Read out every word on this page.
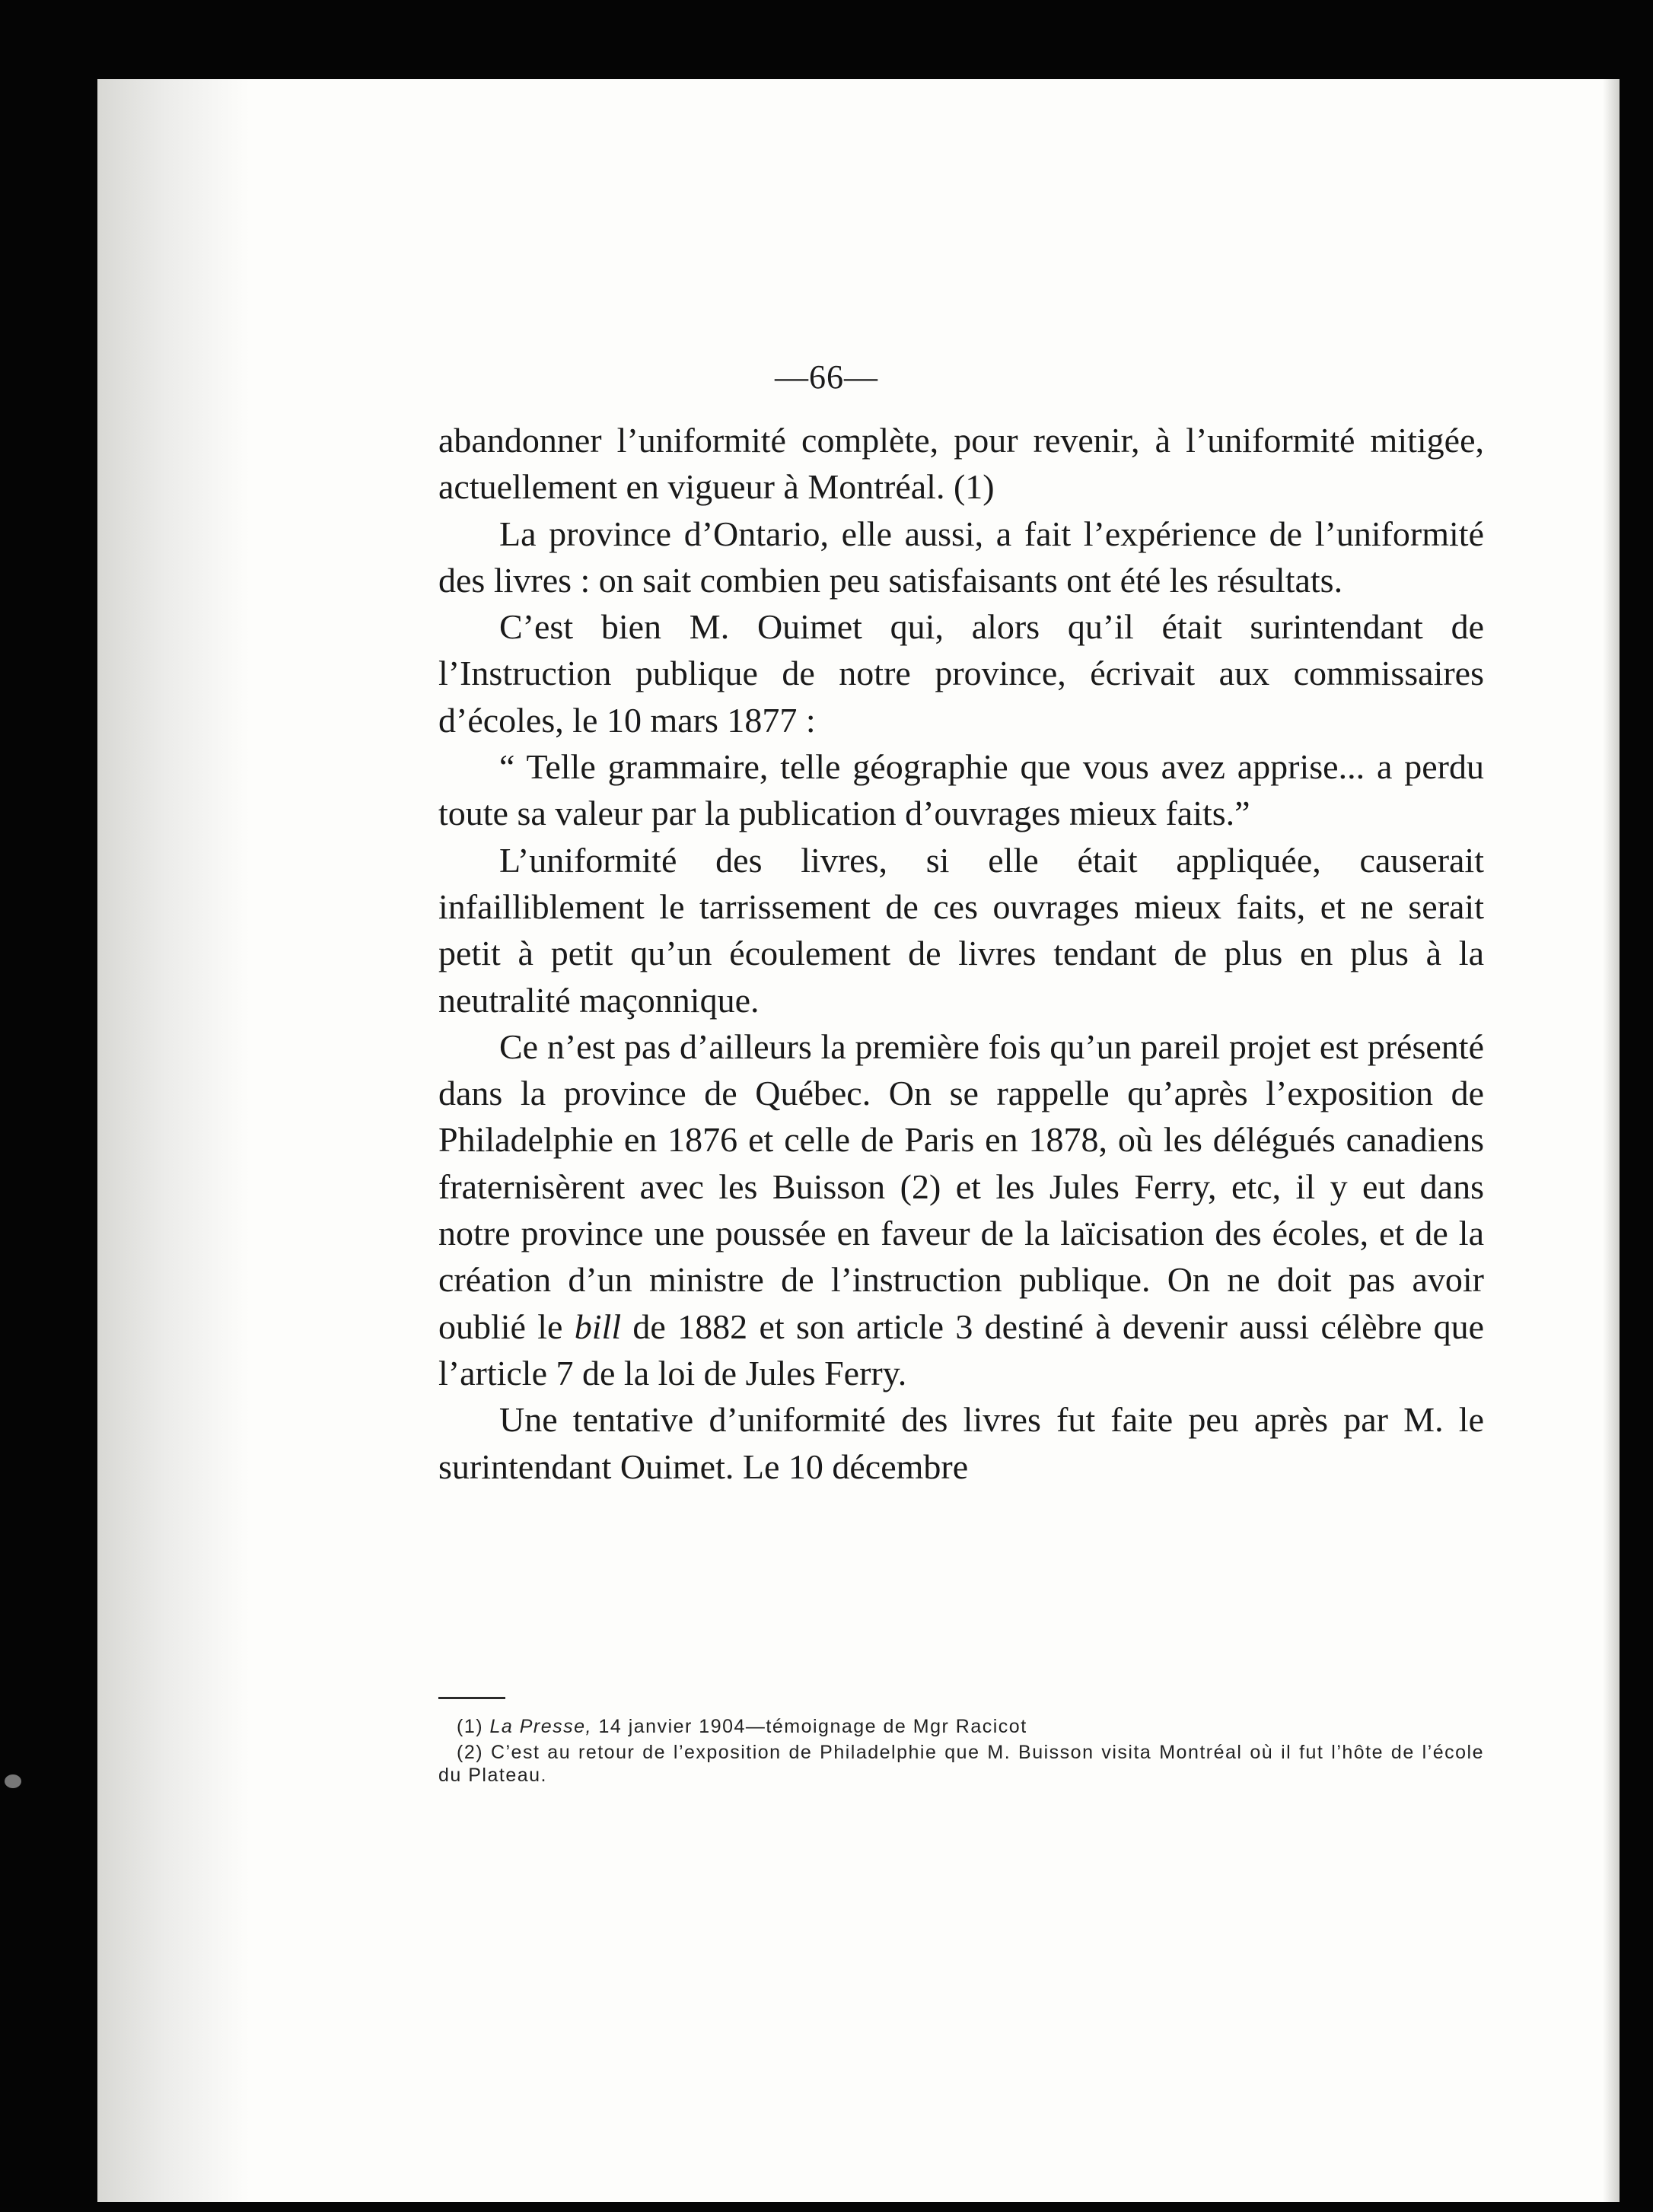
—66—

abandonner l’uniformité complète, pour revenir, à l’uniformité mitigée, actuellement en vigueur à Montréal. (1)

La province d’Ontario, elle aussi, a fait l’expérience de l’uniformité des livres : on sait combien peu satisfaisants ont été les résultats.

C’est bien M. Ouimet qui, alors qu’il était surintendant de l’Instruction publique de notre province, écrivait aux commissaires d’écoles, le 10 mars 1877 :

“ Telle grammaire, telle géographie que vous avez apprise... a perdu toute sa valeur par la publication d’ouvrages mieux faits.”

L’uniformité des livres, si elle était appliquée, causerait infailliblement le tarrissement de ces ouvrages mieux faits, et ne serait petit à petit qu’un écoulement de livres tendant de plus en plus à la neutralité maçonnique.

Ce n’est pas d’ailleurs la première fois qu’un pareil projet est présenté dans la province de Québec. On se rappelle qu’après l’exposition de Philadelphie en 1876 et celle de Paris en 1878, où les délégués canadiens fraternisèrent avec les Buisson (2) et les Jules Ferry, etc, il y eut dans notre province une poussée en faveur de la laïcisation des écoles, et de la création d’un ministre de l’instruction publique. On ne doit pas avoir oublié le bill de 1882 et son article 3 destiné à devenir aussi célèbre que l’article 7 de la loi de Jules Ferry.

Une tentative d’uniformité des livres fut faite peu après par M. le surintendant Ouimet. Le 10 décembre

(1) La Presse, 14 janvier 1904—témoignage de Mgr Racicot

(2) C’est au retour de l’exposition de Philadelphie que M. Buisson visita Montréal où il fut l’hôte de l’école du Plateau.
